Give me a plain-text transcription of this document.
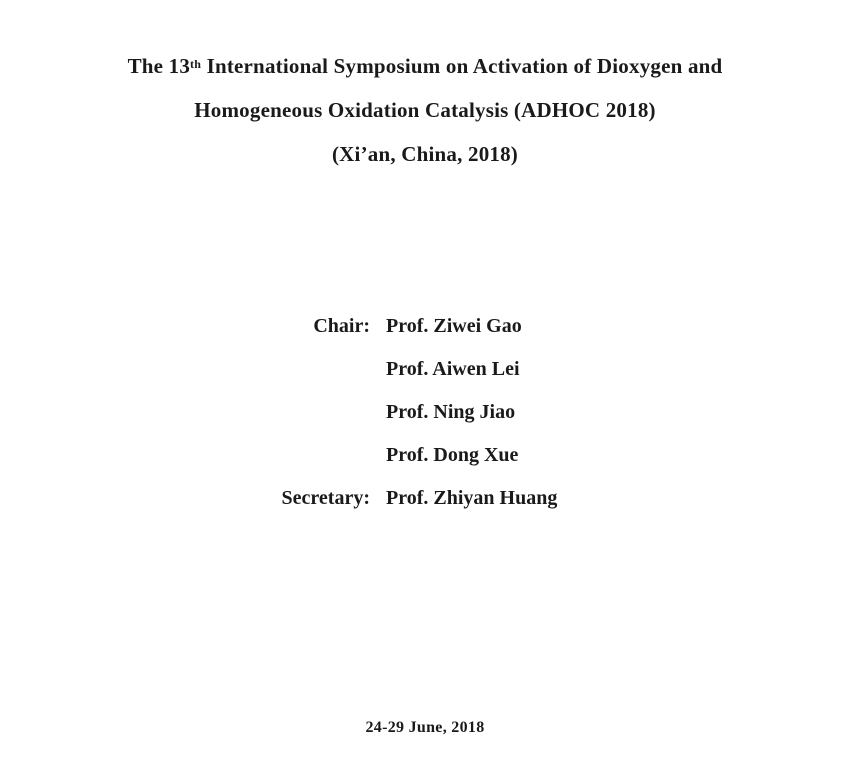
The 13th International Symposium on Activation of Dioxygen and
Homogeneous Oxidation Catalysis (ADHOC 2018)
(Xi’an, China, 2018)
Chair: Prof. Ziwei Gao
Prof. Aiwen Lei
Prof. Ning Jiao
Prof. Dong Xue
Secretary: Prof. Zhiyan Huang
24-29 June, 2018
